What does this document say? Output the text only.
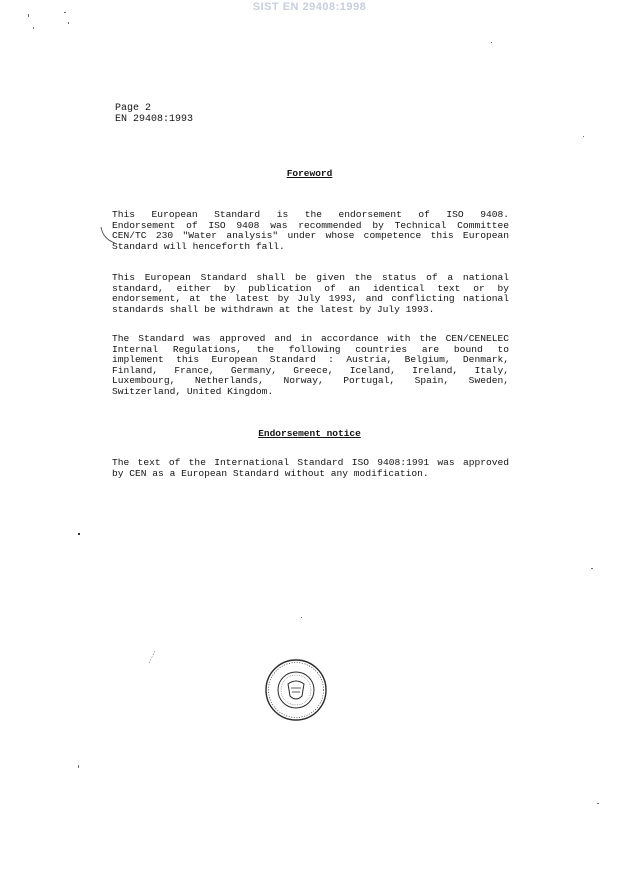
SIST EN 29408:1998
Page 2
EN 29408:1993
Foreword

This European Standard is the endorsement of ISO 9408.

Endorsement of ISO 9408 was recommended by Technical Committee

CEN/TC 230 "Water analysis" under whose competence this European

Standard will henceforth fall.

This European Standard shall be given the status of a national

standard, either by publication of an identical text or by

endorsement, at the latest by July 1993, and conflicting national

standards shall be withdrawn at the latest by July 1993.

The Standard was approved and in accordance with the CEN/CENELEC

Internal Regulations, the following countries are bound to

implement this European Standard : Austria, Belgium, Denmark,

Finland, France, Germany, Greece, Iceland, Ireland, Italy,

Luxembourg, Netherlands, Norway, Portugal, Spain, Sweden,

Switzerland, United Kingdom.

Endorsement notice

The text of the International Standard ISO 9408:1991 was approved

by CEN as a European Standard without any modification.
